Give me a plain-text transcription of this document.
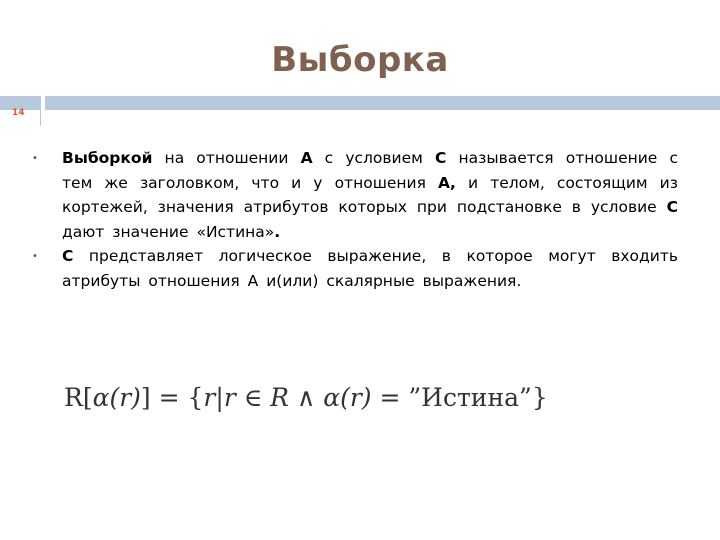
Выборка
14
•	Выборкой на отношении А с условием С называется отношение с тем же заголовком, что и у отношения А, и телом, состоящим из кортежей, значения атрибутов которых при подстановке в условие С дают значение «Истина».
•	С представляет логическое выражение, в которое могут входить атрибуты отношения А и(или) скалярные выражения.
R[α(r)] = {r|r ∈ R ∧ α(r) = ”Истина”}
